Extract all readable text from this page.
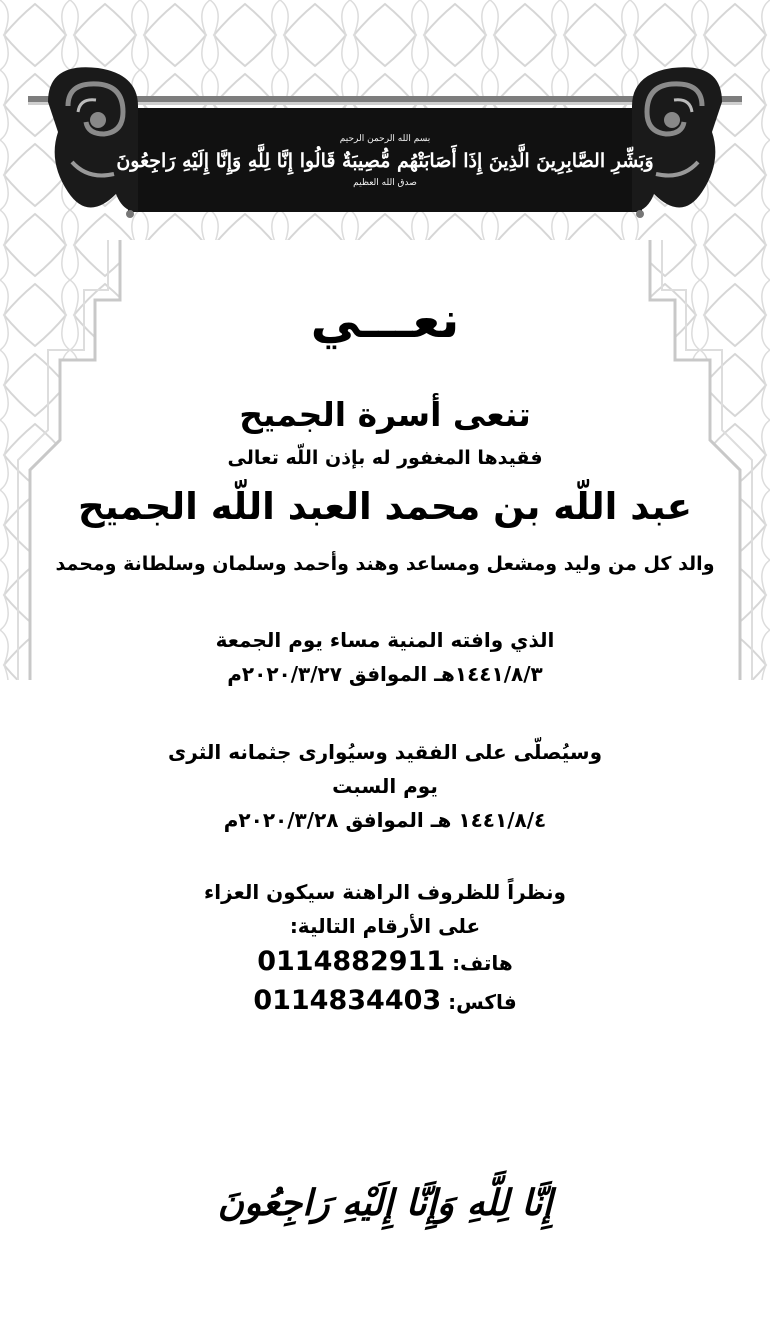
بسم الله الرحمن الرحيم
وَبَشِّرِ الصَّابِرِينَ الَّذِينَ إِذَا أَصَابَتْهُم مُّصِيبَةٌ قَالُوا إِنَّا لِلَّهِ وَإِنَّا إِلَيْهِ رَاجِعُونَ
صدق الله العظيم
نعـــي
تنعى أسرة الجميح
فقيدها المغفور له بإذن اللّه تعالى
عبد اللّه بن محمد العبد اللّه الجميح
والد كل من وليد ومشعل ومساعد وهند وأحمد وسلمان وسلطانة ومحمد
الذي وافته المنية مساء يوم الجمعة
١٤٤١/٨/٣هـ الموافق ٢٠٢٠/٣/٢٧م
وسيُصلّى على الفقيد وسيُوارى جثمانه الثرى
يوم السبت
١٤٤١/٨/٤ هـ الموافق ٢٠٢٠/٣/٢٨م
ونظراً للظروف الراهنة سيكون العزاء
على الأرقام التالية:
هاتف: 0114882911
فاكس: 0114834403
إِنَّا لِلَّهِ وَإِنَّا إِلَيْهِ رَاجِعُونَ
